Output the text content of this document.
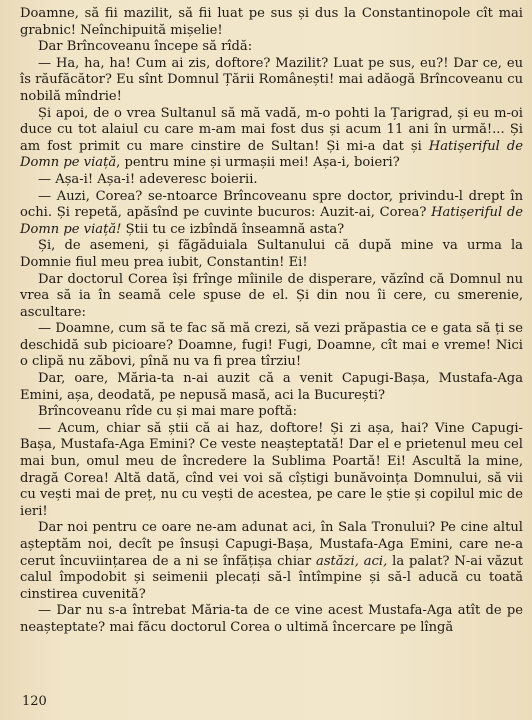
Doamne, să fii mazilit, să fii luat pe sus și dus la Constantinopole cît mai grabnic! Neînchipuită mișelie!

Dar Brîncoveanu începe să rîdă:

— Ha, ha, ha! Cum ai zis, doftore? Mazilit? Luat pe sus, eu?! Dar ce, eu îs răufăcător? Eu sînt Domnul Țării Românești! mai adăogă Brîncoveanu cu nobilă mîndrie!

Și apoi, de o vrea Sultanul să mă vadă, m-o pohti la Țarigrad, și eu m-oi duce cu tot alaiul cu care m-am mai fost dus și acum 11 ani în urmă!... Și am fost primit cu mare cinstire de Sultan! Și mi-a dat și Hatișeriful de Domn pe viață, pentru mine și urmașii mei! Așa-i, boieri?

— Așa-i! Așa-i! adeveresc boierii.

— Auzi, Corea? se-ntoarce Brîncoveanu spre doctor, privindu-l drept în ochi. Și repetă, apăsînd pe cuvinte bucuros: Auzit-ai, Corea? Hatișeriful de Domn pe viață! Știi tu ce izbîndă înseamnă asta?

Și, de asemeni, și făgăduiala Sultanului că după mine va urma la Domnie fiul meu prea iubit, Constantin! Ei!

Dar doctorul Corea își frînge mîinile de disperare, văzînd că Domnul nu vrea să ia în seamă cele spuse de el. Și din nou îi cere, cu smerenie, ascultare:

— Doamne, cum să te fac să mă crezi, să vezi prăpastia ce e gata să ți se deschidă sub picioare? Doamne, fugi! Fugi, Doamne, cît mai e vreme! Nici o clipă nu zăbovi, pînă nu va fi prea tîrziu!

Dar, oare, Măria-ta n-ai auzit că a venit Capugi-Bașa, Mustafa-Aga Emini, așa, deodată, pe nepusă masă, aci la București?

Brîncoveanu rîde cu și mai mare poftă:

— Acum, chiar să știi că ai haz, doftore! Și zi așa, hai? Vine Capugi-Bașa, Mustafa-Aga Emini? Ce veste neașteptată! Dar el e prietenul meu cel mai bun, omul meu de încredere la Sublima Poartă! Ei! Ascultă la mine, dragă Corea! Altă dată, cînd vei voi să cîștigi bunăvoința Domnului, să vii cu vești mai de preț, nu cu vești de acestea, pe care le știe și copilul mic de ieri!

Dar noi pentru ce oare ne-am adunat aci, în Sala Tronului? Pe cine altul așteptăm noi, decît pe însuși Capugi-Bașa, Mustafa-Aga Emini, care ne-a cerut încuviințarea de a ni se înfățișa chiar astăzi, aci, la palat? N-ai văzut calul împodobit și seimenii plecați să-l întîmpine și să-l aducă cu toată cinstirea cuvenită?

— Dar nu s-a întrebat Măria-ta de ce vine acest Mustafa-Aga atît de pe neașteptate? mai făcu doctorul Corea o ultimă încercare pe lîngă

120
